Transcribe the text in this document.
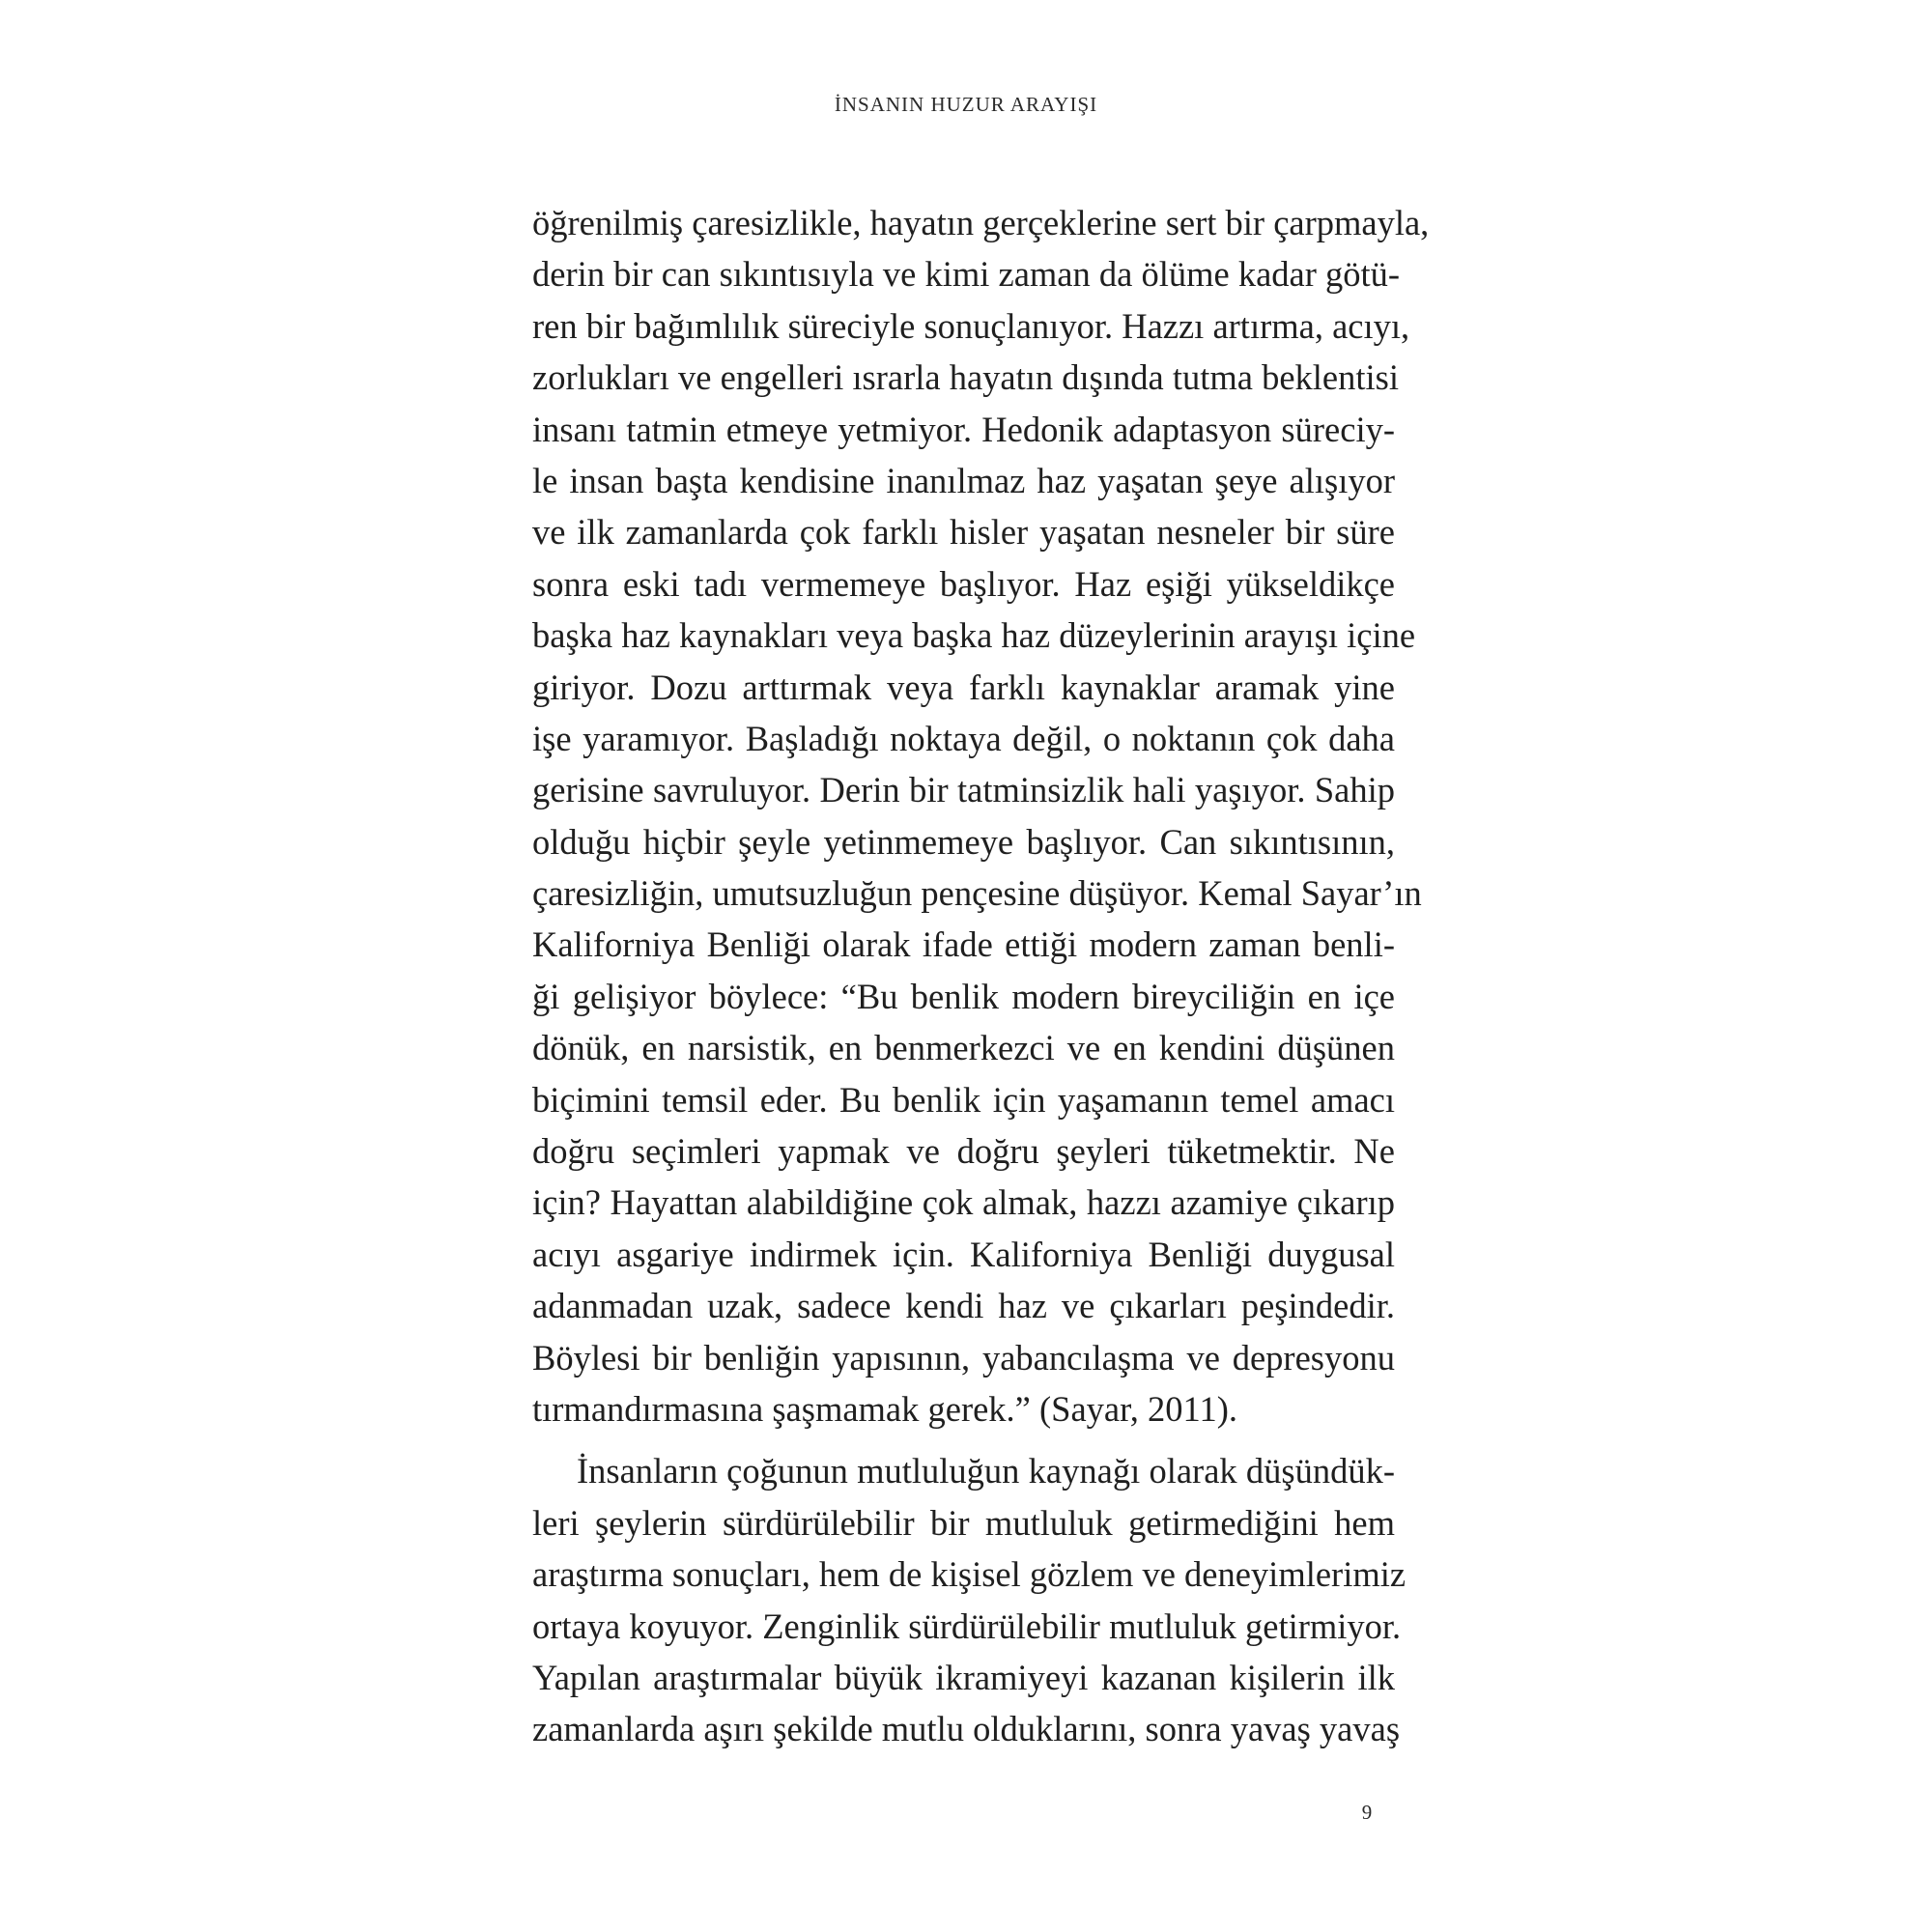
İNSANIN HUZUR ARAYIŞI
öğrenilmiş çaresizlikle, hayatın gerçeklerine sert bir çarpmayla,
derin bir can sıkıntısıyla ve kimi zaman da ölüme kadar götü-
ren bir bağımlılık süreciyle sonuçlanıyor. Hazzı artırma, acıyı,
zorlukları ve engelleri ısrarla hayatın dışında tutma beklentisi
insanı tatmin etmeye yetmiyor. Hedonik adaptasyon süreciy-
le insan başta kendisine inanılmaz haz yaşatan şeye alışıyor
ve ilk zamanlarda çok farklı hisler yaşatan nesneler bir süre
sonra eski tadı vermemeye başlıyor. Haz eşiği yükseldikçe
başka haz kaynakları veya başka haz düzeylerinin arayışı içine
giriyor. Dozu arttırmak veya farklı kaynaklar aramak yine
işe yaramıyor. Başladığı noktaya değil, o noktanın çok daha
gerisine savruluyor. Derin bir tatminsizlik hali yaşıyor. Sahip
olduğu hiçbir şeyle yetinmemeye başlıyor. Can sıkıntısının,
çaresizliğin, umutsuzluğun pençesine düşüyor. Kemal Sayar’ın
Kaliforniya Benliği olarak ifade ettiği modern zaman benli-
ği gelişiyor böylece: “Bu benlik modern bireyciliğin en içe
dönük, en narsistik, en benmerkezci ve en kendini düşünen
biçimini temsil eder. Bu benlik için yaşamanın temel amacı
doğru seçimleri yapmak ve doğru şeyleri tüketmektir. Ne
için? Hayattan alabildiğine çok almak, hazzı azamiye çıkarıp
acıyı asgariye indirmek için. Kaliforniya Benliği duygusal
adanmadan uzak, sadece kendi haz ve çıkarları peşindedir.
Böylesi bir benliğin yapısının, yabancılaşma ve depresyonu
tırmandırmasına şaşmamak gerek.” (Sayar, 2011).
İnsanların çoğunun mutluluğun kaynağı olarak düşündük-
leri şeylerin sürdürülebilir bir mutluluk getirmediğini hem
araştırma sonuçları, hem de kişisel gözlem ve deneyimlerimiz
ortaya koyuyor. Zenginlik sürdürülebilir mutluluk getirmiyor.
Yapılan araştırmalar büyük ikramiyeyi kazanan kişilerin ilk
zamanlarda aşırı şekilde mutlu olduklarını, sonra yavaş yavaş
9
